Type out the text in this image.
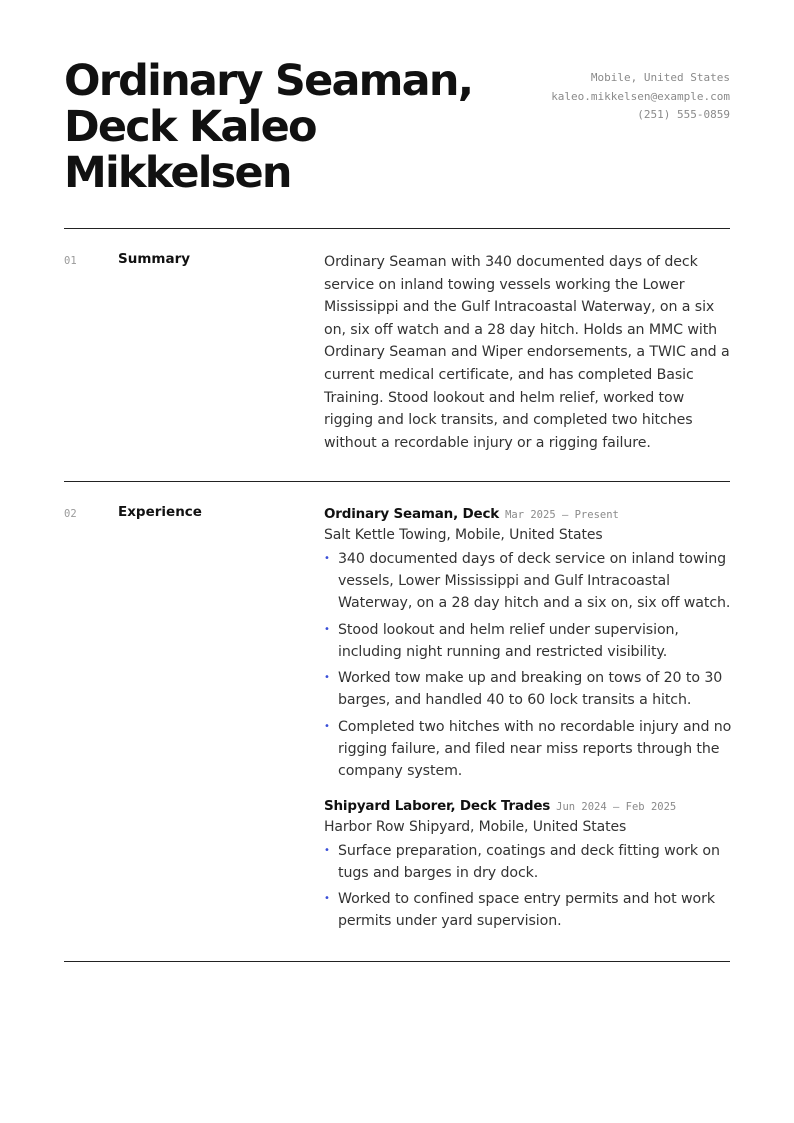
Ordinary Seaman, Deck Kaleo Mikkelsen
Mobile, United States
kaleo.mikkelsen@example.com
(251) 555-0859
01	Summary	Ordinary Seaman with 340 documented days of deck service on inland towing vessels working the Lower Mississippi and the Gulf Intracoastal Waterway, on a six on, six off watch and a 28 day hitch. Holds an MMC with Ordinary Seaman and Wiper endorsements, a TWIC and a current medical certificate, and has completed Basic Training. Stood lookout and helm relief, worked tow rigging and lock transits, and completed two hitches without a recordable injury or a rigging failure.

02	Experience	Ordinary Seaman, Deck Mar 2025 — Present
Salt Kettle Towing, Mobile, United States
• 340 documented days of deck service on inland towing vessels, Lower Mississippi and Gulf Intracoastal Waterway, on a 28 day hitch and a six on, six off watch.
• Stood lookout and helm relief under supervision, including night running and restricted visibility.
• Worked tow make up and breaking on tows of 20 to 30 barges, and handled 40 to 60 lock transits a hitch.
• Completed two hitches with no recordable injury and no rigging failure, and filed near miss reports through the company system.
Shipyard Laborer, Deck Trades Jun 2024 — Feb 2025
Harbor Row Shipyard, Mobile, United States
• Surface preparation, coatings and deck fitting work on tugs and barges in dry dock.
• Worked to confined space entry permits and hot work permits under yard supervision.
